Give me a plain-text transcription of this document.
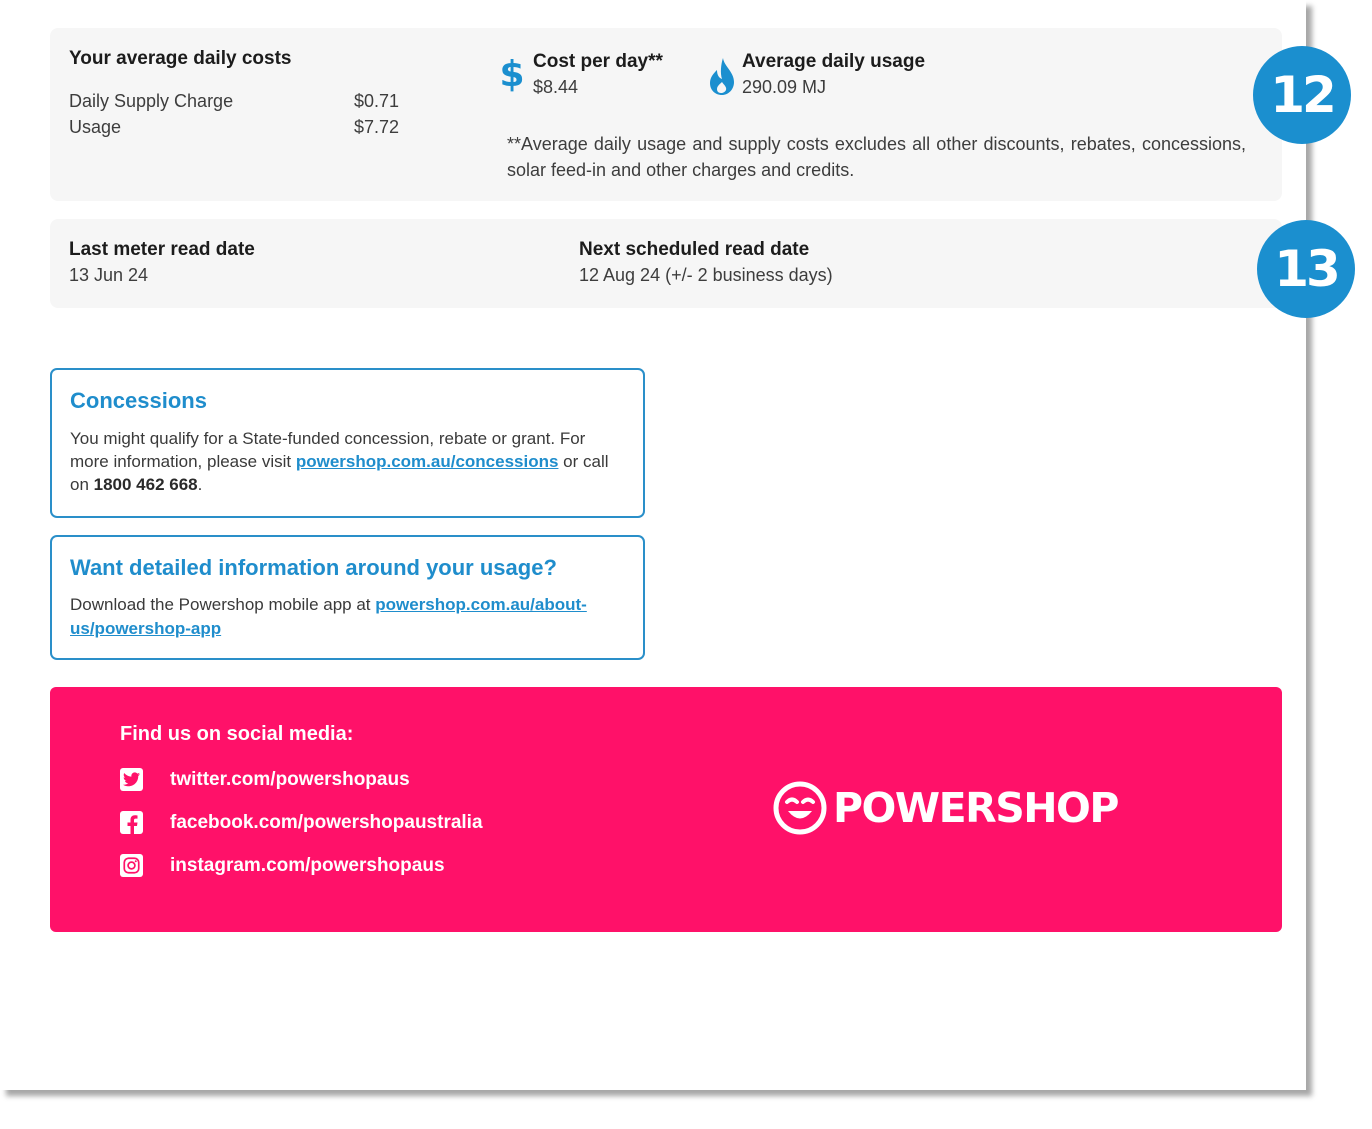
Your average daily costs
Daily Supply Charge	$0.71
Usage	$7.72
$ Cost per day**
$8.44
Average daily usage
290.09 MJ
**Average daily usage and supply costs excludes all other discounts, rebates, concessions, solar feed-in and other charges and credits.
Last meter read date
13 Jun 24
Next scheduled read date
12 Aug 24 (+/- 2 business days)
12
13
Concessions
You might qualify for a State-funded concession, rebate or grant. For more information, please visit powershop.com.au/concessions or call on 1800 462 668.
Want detailed information around your usage?
Download the Powershop mobile app at powershop.com.au/about-us/powershop-app
Find us on social media:
twitter.com/powershopaus
facebook.com/powershopaustralia
instagram.com/powershopaus
POWERSHOP
